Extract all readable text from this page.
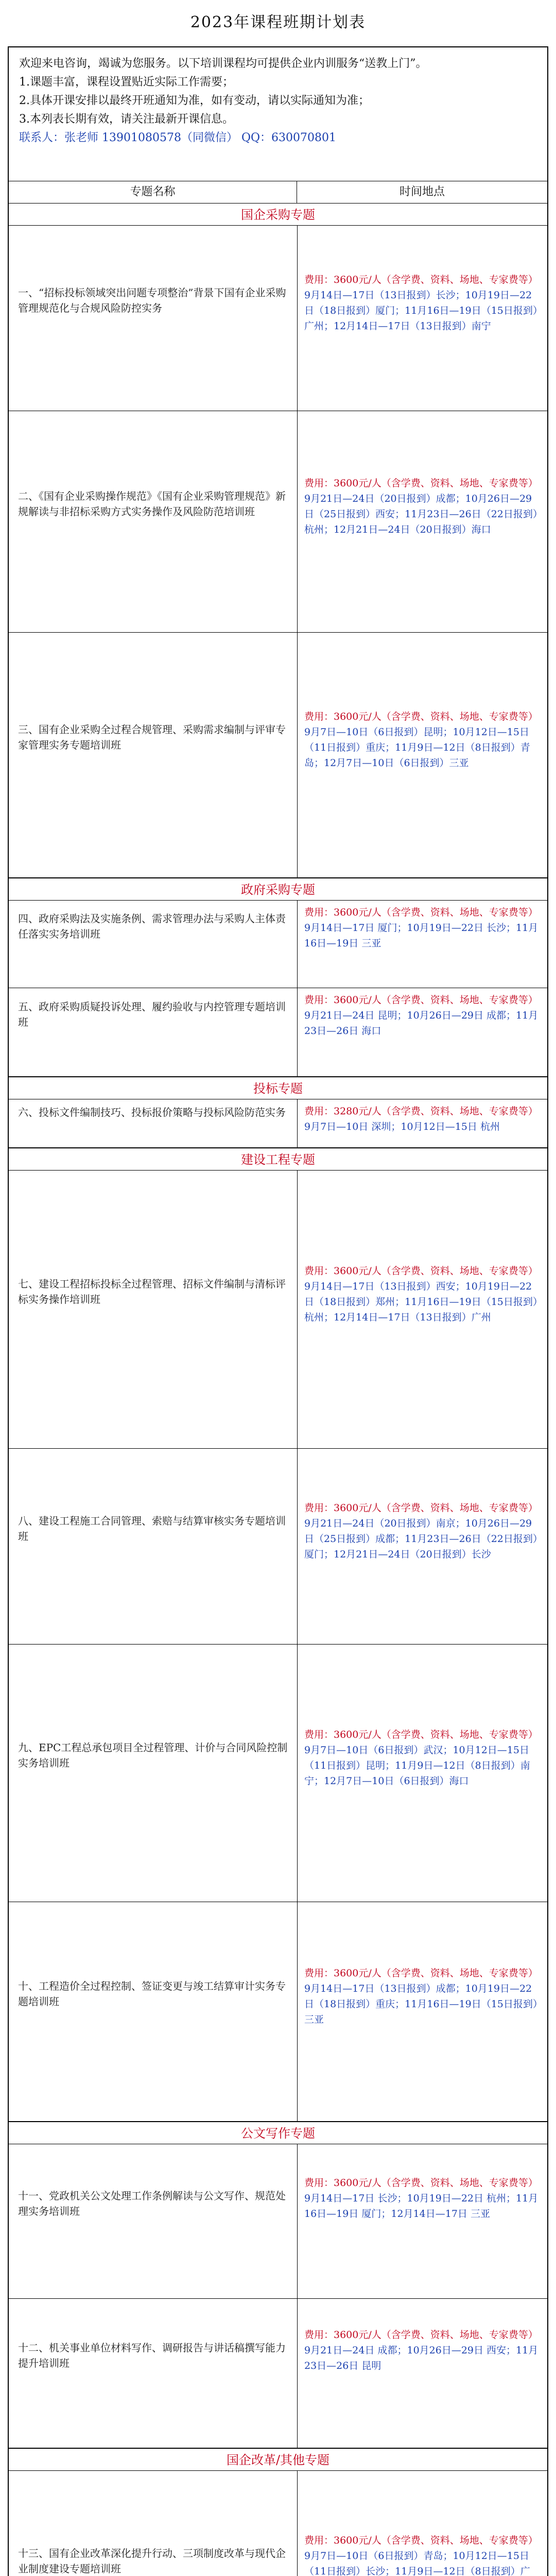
2023年课程班期计划表
欢迎来电咨询，竭诚为您服务。以下培训课程均可提供企业内训服务“送教上门”。
1.课题丰富，课程设置贴近实际工作需要；
2.具体开课安排以最终开班通知为准，如有变动，请以实际通知为准；
3.本列表长期有效，请关注最新开课信息。
联系人：张老师 13901080578（同微信） QQ：630070801
专题名称	时间地点
国企采购专题
政府采购专题
投标专题
建设工程专题
公文写作专题
国企改革/其他专题
一、“招标投标领域突出问题专项整治”背景下国有企业采购管理规范化与合规风险防控实务
费用：3600元/人（含学费、资料、场地、专家费等）
9月14日—17日（13日报到）长沙；10月19日—22日（18日报到）厦门；11月16日—19日（15日报到）广州；12月14日—17日（13日报到）南宁
二、《国有企业采购操作规范》《国有企业采购管理规范》新规解读与非招标采购方式实务操作及风险防范培训班
费用：3600元/人（含学费、资料、场地、专家费等）
9月21日—24日（20日报到）成都；10月26日—29日（25日报到）西安；11月23日—26日（22日报到）杭州；12月21日—24日（20日报到）海口
三、国有企业采购全过程合规管理、采购需求编制与评审专家管理实务专题培训班
费用：3600元/人（含学费、资料、场地、专家费等）
9月7日—10日（6日报到）昆明；10月12日—15日（11日报到）重庆；11月9日—12日（8日报到）青岛；12月7日—10日（6日报到）三亚
四、政府采购法及实施条例、需求管理办法与采购人主体责任落实实务培训班
费用：3600元/人（含学费、资料、场地、专家费等）
9月14日—17日 厦门；10月19日—22日 长沙；11月16日—19日 三亚
五、政府采购质疑投诉处理、履约验收与内控管理专题培训班
费用：3600元/人（含学费、资料、场地、专家费等）
9月21日—24日 昆明；10月26日—29日 成都；11月23日—26日 海口
六、投标文件编制技巧、投标报价策略与投标风险防范实务 费用：3280元/人（含学费、资料、场地、专家费等）
9月7日—10日 深圳；10月12日—15日 杭州
七、建设工程招标投标全过程管理、招标文件编制与清标评标实务操作培训班
费用：3600元/人（含学费、资料、场地、专家费等）
9月14日—17日（13日报到）西安；10月19日—22日（18日报到）郑州；11月16日—19日（15日报到）杭州；12月14日—17日（13日报到）广州
八、建设工程施工合同管理、索赔与结算审核实务专题培训班
费用：3600元/人（含学费、资料、场地、专家费等）
9月21日—24日（20日报到）南京；10月26日—29日（25日报到）成都；11月23日—26日（22日报到）厦门；12月21日—24日（20日报到）长沙
九、EPC工程总承包项目全过程管理、计价与合同风险控制实务培训班
费用：3600元/人（含学费、资料、场地、专家费等）
9月7日—10日（6日报到）武汉；10月12日—15日（11日报到）昆明；11月9日—12日（8日报到）南宁；12月7日—10日（6日报到）海口
十、工程造价全过程控制、签证变更与竣工结算审计实务专题培训班
费用：3600元/人（含学费、资料、场地、专家费等）
9月14日—17日（13日报到）成都；10月19日—22日（18日报到）重庆；11月16日—19日（15日报到）三亚
十一、党政机关公文处理工作条例解读与公文写作、规范处理实务培训班
费用：3600元/人（含学费、资料、场地、专家费等）
9月14日—17日 长沙；10月19日—22日 杭州；11月16日—19日 厦门；12月14日—17日 三亚
十二、机关事业单位材料写作、调研报告与讲话稿撰写能力提升培训班
费用：3600元/人（含学费、资料、场地、专家费等）
9月21日—24日 成都；10月26日—29日 西安；11月23日—26日 昆明
十三、国有企业改革深化提升行动、三项制度改革与现代企业制度建设专题培训班
费用：3600元/人（含学费、资料、场地、专家费等）
9月7日—10日（6日报到）青岛；10月12日—15日（11日报到）长沙；11月9日—12日（8日报到）广
